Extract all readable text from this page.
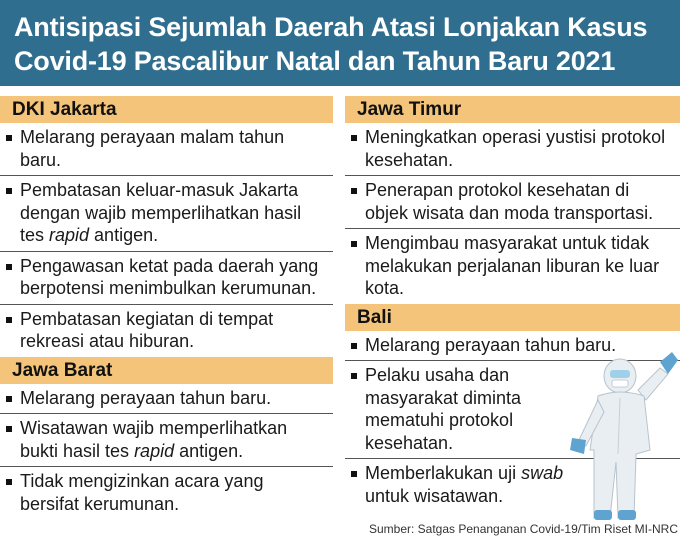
Antisipasi Sejumlah Daerah Atasi Lonjakan Kasus
Covid-19 Pascalibur Natal dan Tahun Baru 2021
DKI Jakarta
Melarang perayaan malam tahun baru.
Pembatasan keluar-masuk Jakarta dengan wajib memperlihatkan hasil tes rapid antigen.
Pengawasan ketat pada daerah yang berpotensi menimbulkan kerumunan.
Pembatasan kegiatan di tempat rekreasi atau hiburan.
Jawa Barat
Melarang perayaan tahun baru.
Wisatawan wajib memperlihatkan bukti hasil tes rapid antigen.
Tidak mengizinkan acara yang bersifat kerumunan.
Jawa Timur
Meningkatkan operasi yustisi protokol kesehatan.
Penerapan protokol kesehatan di objek wisata dan moda transportasi.
Mengimbau masyarakat untuk tidak melakukan perjalanan liburan ke luar kota.
Bali
Melarang perayaan tahun baru.
Pelaku usaha dan
masyarakat diminta
mematuhi protokol
kesehatan.
Memberlakukan uji swab
untuk wisatawan.
Sumber: Satgas Penanganan Covid-19/Tim Riset MI-NRC
